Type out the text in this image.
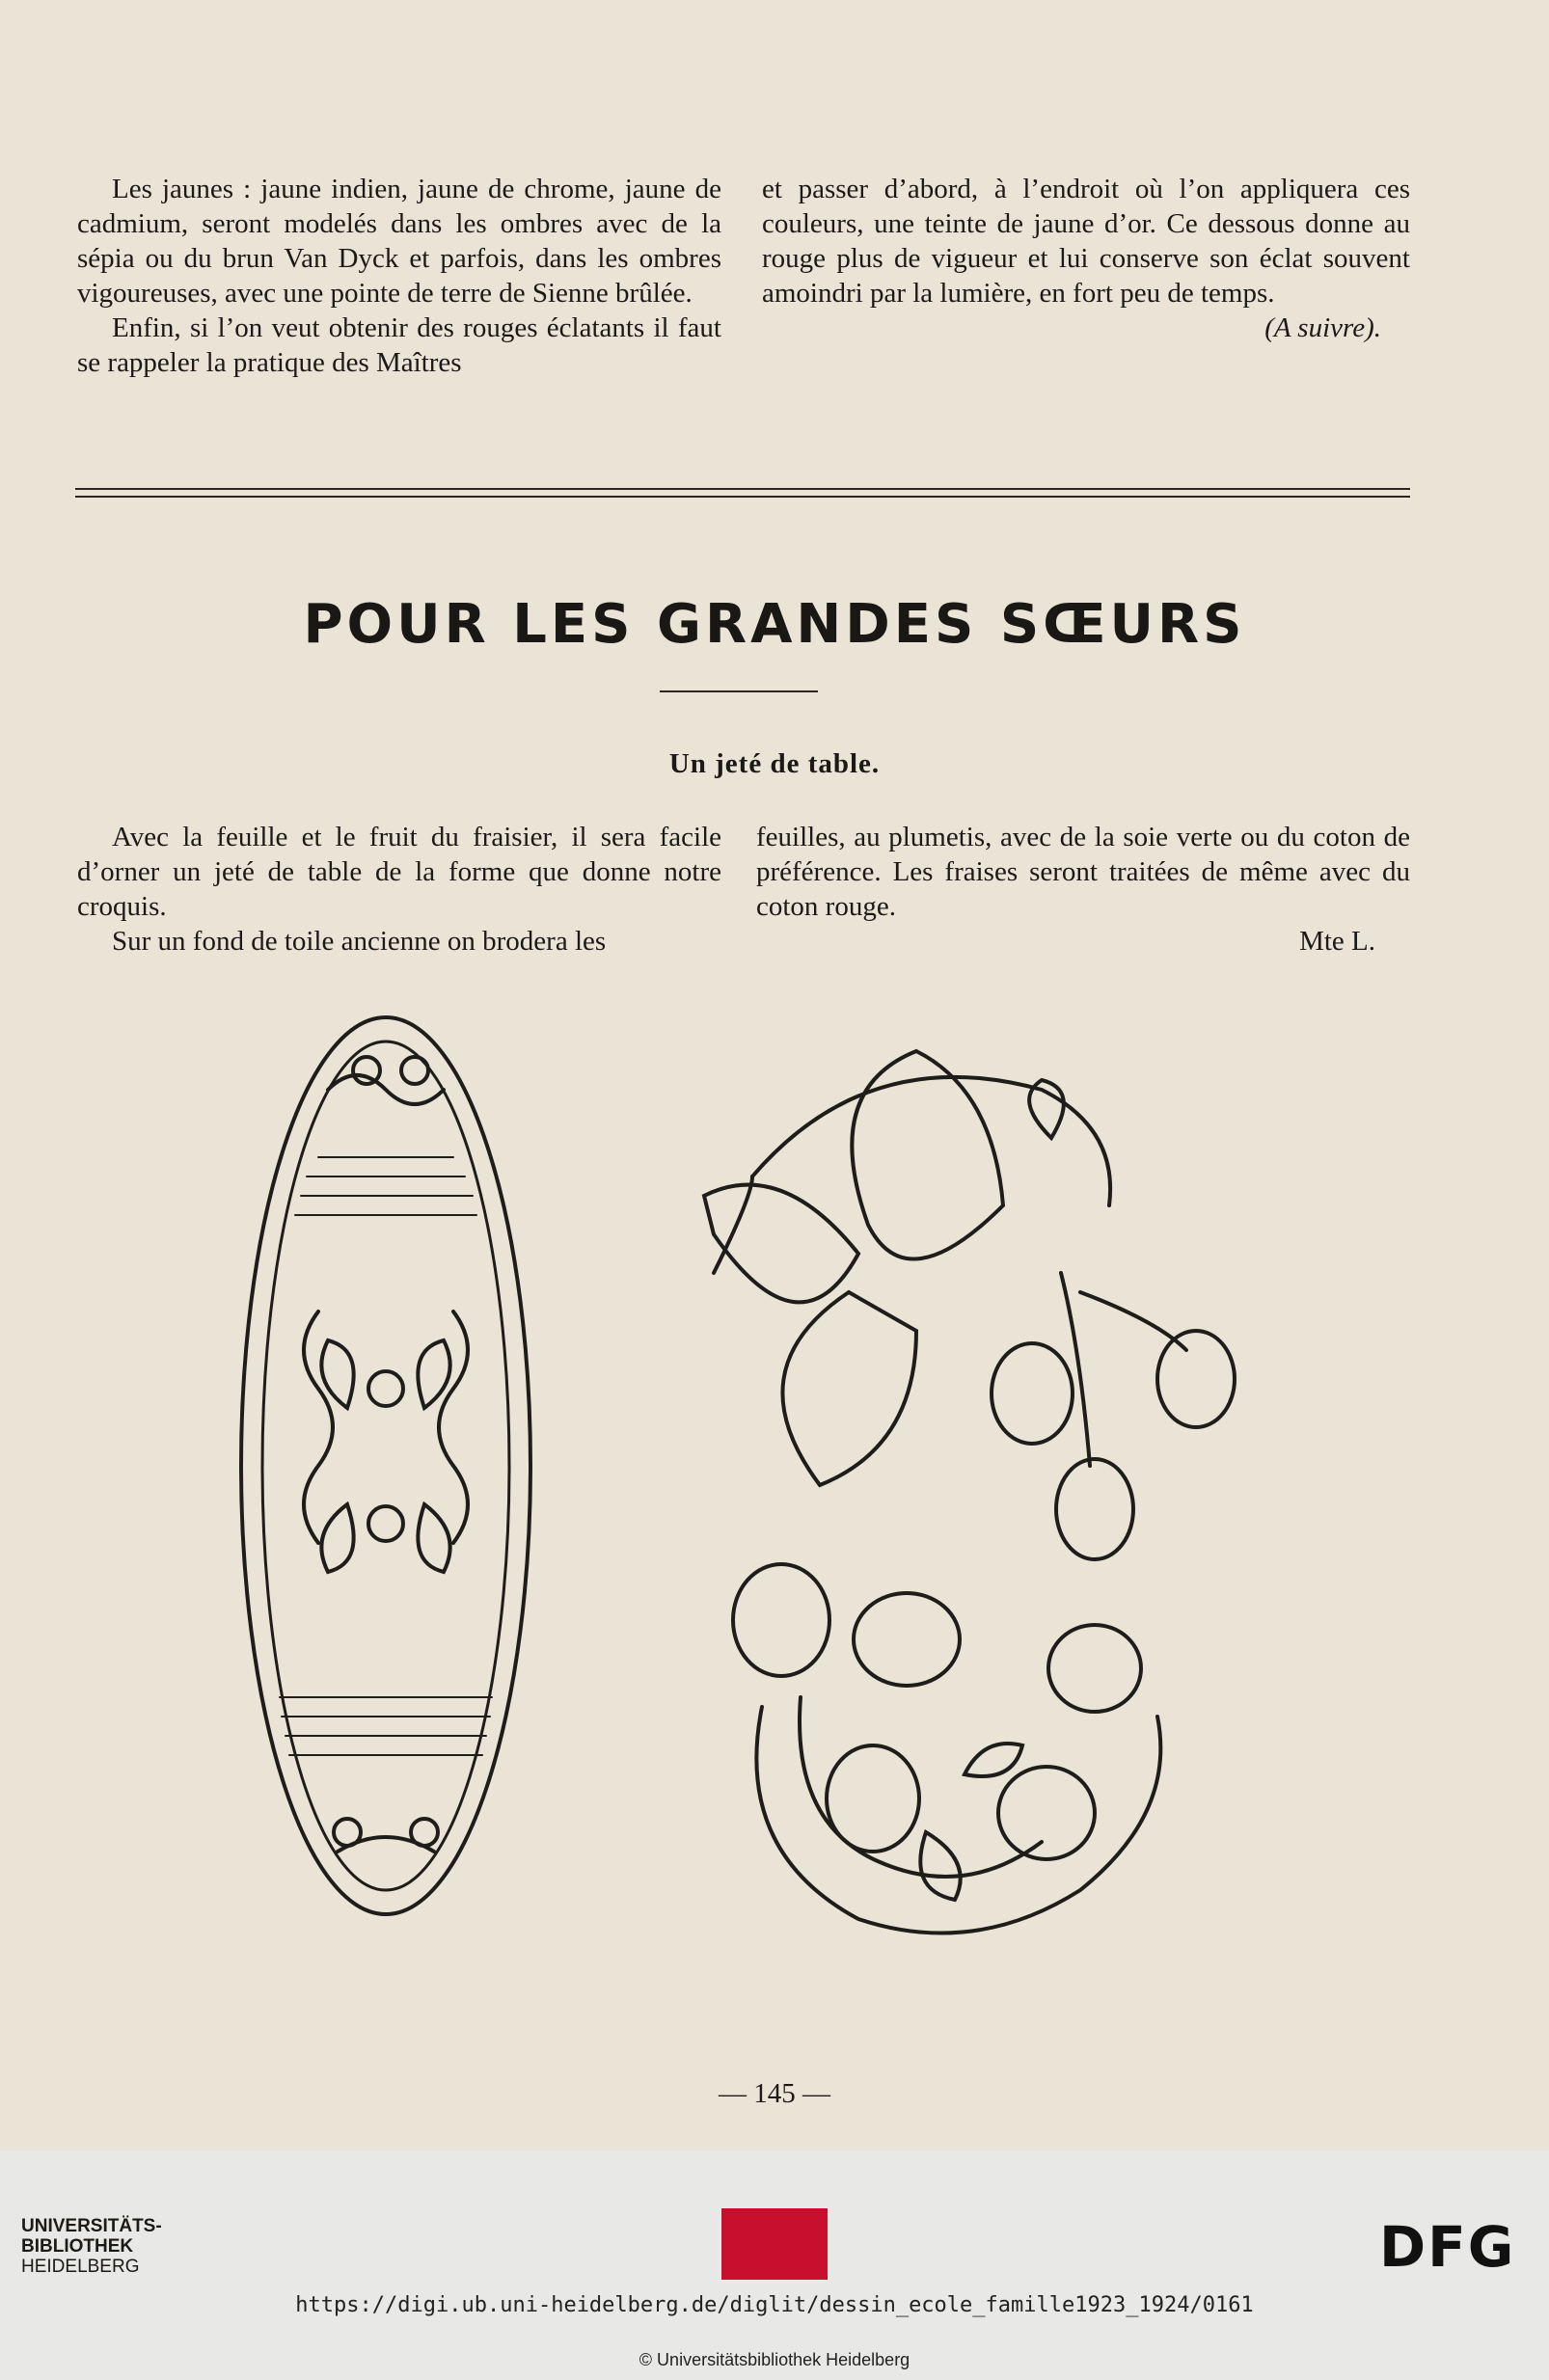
Les jaunes : jaune indien, jaune de chrome, jaune de cadmium, seront modelés dans les ombres avec de la sépia ou du brun Van Dyck et parfois, dans les ombres vigoureuses, avec une pointe de terre de Sienne brûlée.

Enfin, si l’on veut obtenir des rouges éclatants il faut se rappeler la pratique des Maîtres

et passer d’abord, à l’endroit où l’on appliquera ces couleurs, une teinte de jaune d’or. Ce dessous donne au rouge plus de vigueur et lui conserve son éclat souvent amoindri par la lumière, en fort peu de temps.

(A suivre).
POUR LES GRANDES SŒURS
Un jeté de table.

Avec la feuille et le fruit du fraisier, il sera facile d’orner un jeté de table de la forme que donne notre croquis.

Sur un fond de toile ancienne on brodera les

feuilles, au plumetis, avec de la soie verte ou du coton de préférence. Les fraises seront traitées de même avec du coton rouge.

Mte L.
— 145 —
UNIVERSITÄTS-
BIBLIOTHEK
HEIDELBERG	DFG
https://digi.ub.uni-heidelberg.de/diglit/dessin_ecole_famille1923_1924/0161
© Universitätsbibliothek Heidelberg
